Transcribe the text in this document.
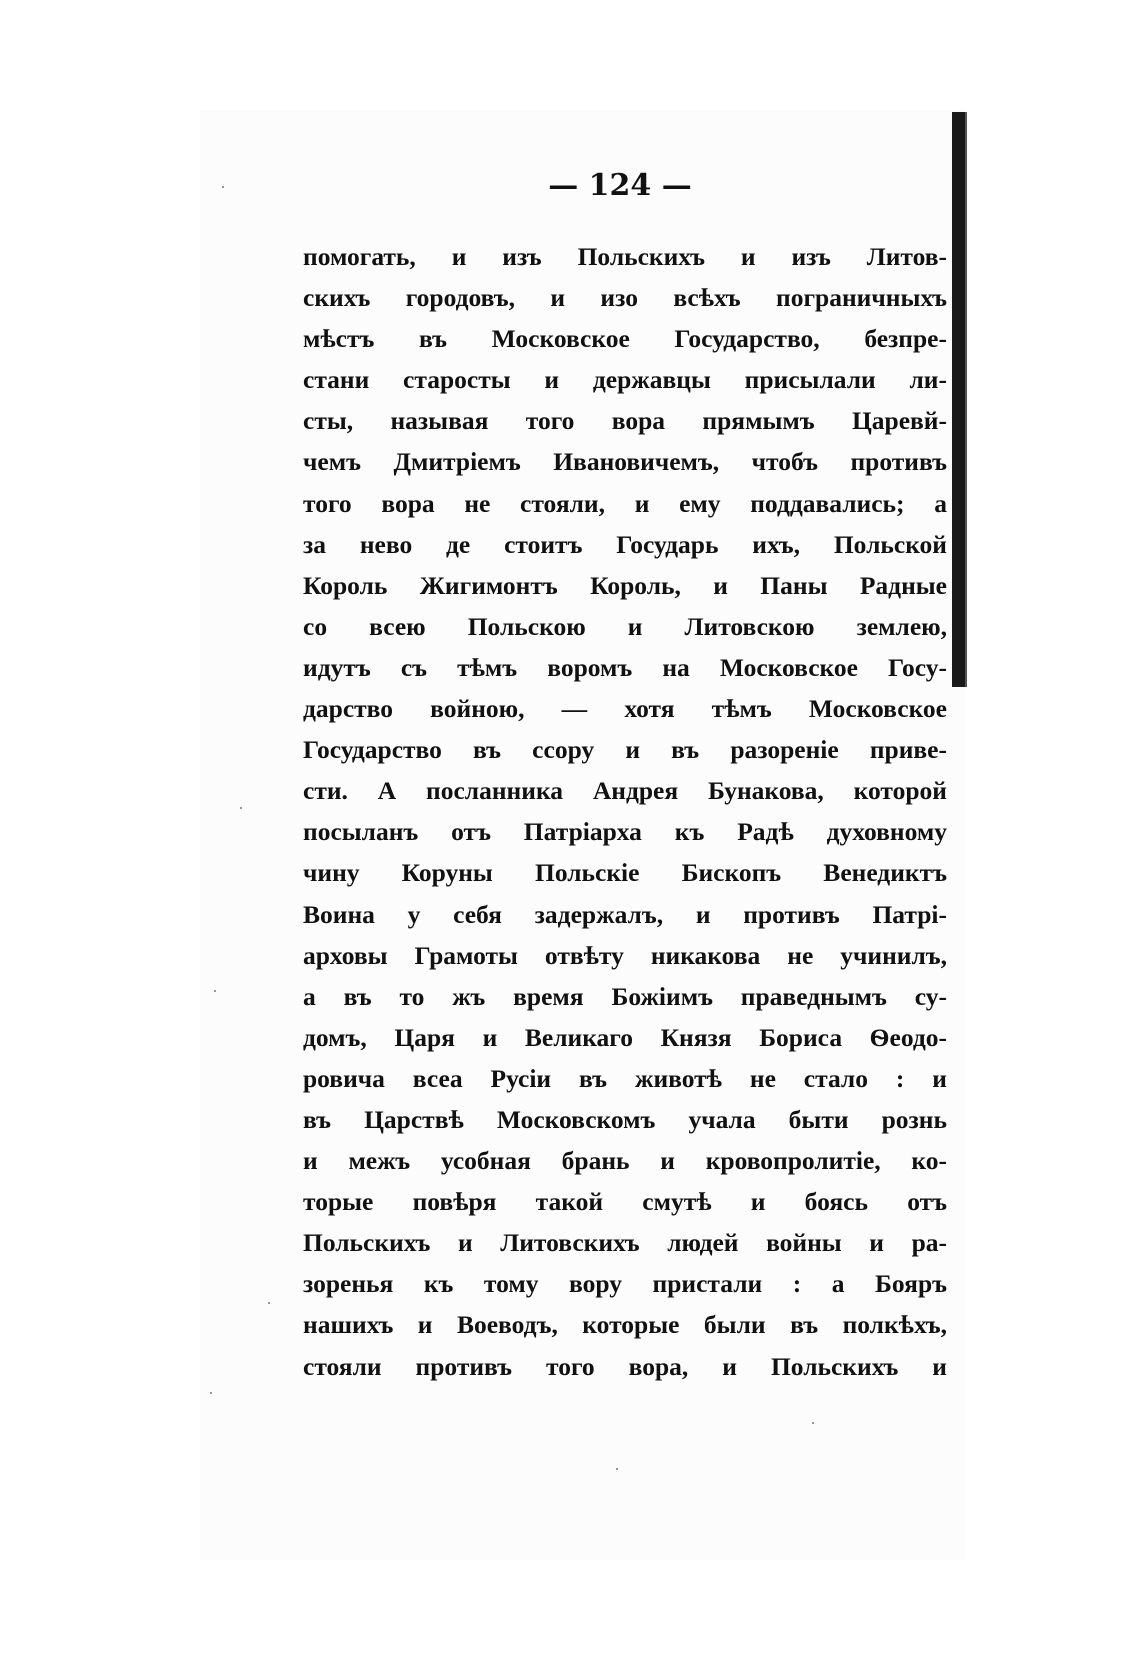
— 124 —
помогать, и изъ Польскихъ и изъ Литов-
скихъ городовъ, и изо всѣхъ пограничныхъ
мѣстъ въ Московское Государство, безпре-
стани старосты и державцы присылали ли-
сты, называя того вора прямымъ Царевй-
чемъ Дмитріемъ Ивановичемъ, чтобъ противъ
того вора не стояли, и ему поддавались; а
за нево де стоитъ Государь ихъ, Польской
Король Жигимонтъ Король, и Паны Радные
со всею Польскою и Литовскою землею,
идутъ съ тѣмъ воромъ на Московское Госу-
дарство войною, — хотя тѣмъ Московское
Государство въ ссору и въ разореніе приве-
сти. А посланника Андрея Бунакова, которой
посыланъ отъ Патріарха къ Радѣ духовному
чину Коруны Польскіе Бископъ Венедиктъ
Воина у себя задержалъ, и противъ Патрі-
арховы Грамоты отвѣту никакова не учинилъ,
а въ то жъ время Божіимъ праведнымъ су-
домъ, Царя и Великаго Князя Бориса Ѳеодо-
ровича всеа Русіи въ животѣ не стало : и
въ Царствѣ Московскомъ учала быти рознь
и межъ усобная брань и кровопролитіе, ко-
торые повѣря такой смутѣ и боясь отъ
Польскихъ и Литовскихъ людей войны и ра-
зоренья къ тому вору пристали : а Бояръ
нашихъ и Воеводъ, которые были въ полкѣхъ,
стояли противъ того вора, и Польскихъ и
